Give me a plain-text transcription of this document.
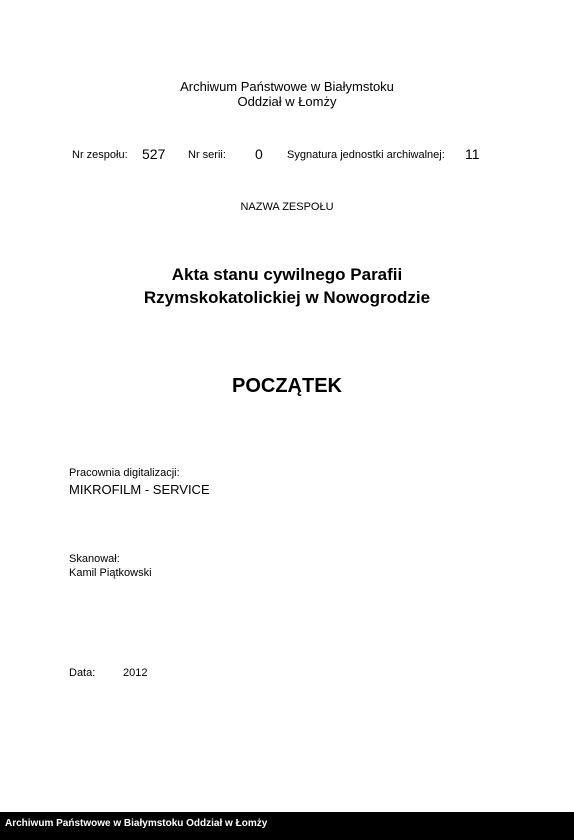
Archiwum Państwowe w Białymstoku
Oddział w Łomży
Nr zespołu: 527 Nr serii: 0 Sygnatura jednostki archiwalnej: 11
NAZWA ZESPOŁU
Akta stanu cywilnego Parafii
Rzymskokatolickiej w Nowogrodzie
POCZĄTEK
Pracownia digitalizacji:
MIKROFILM - SERVICE
Skanował:
Kamil Piątkowski
Data:	2012
Archiwum Państwowe w Białymstoku Oddział w Łomży
